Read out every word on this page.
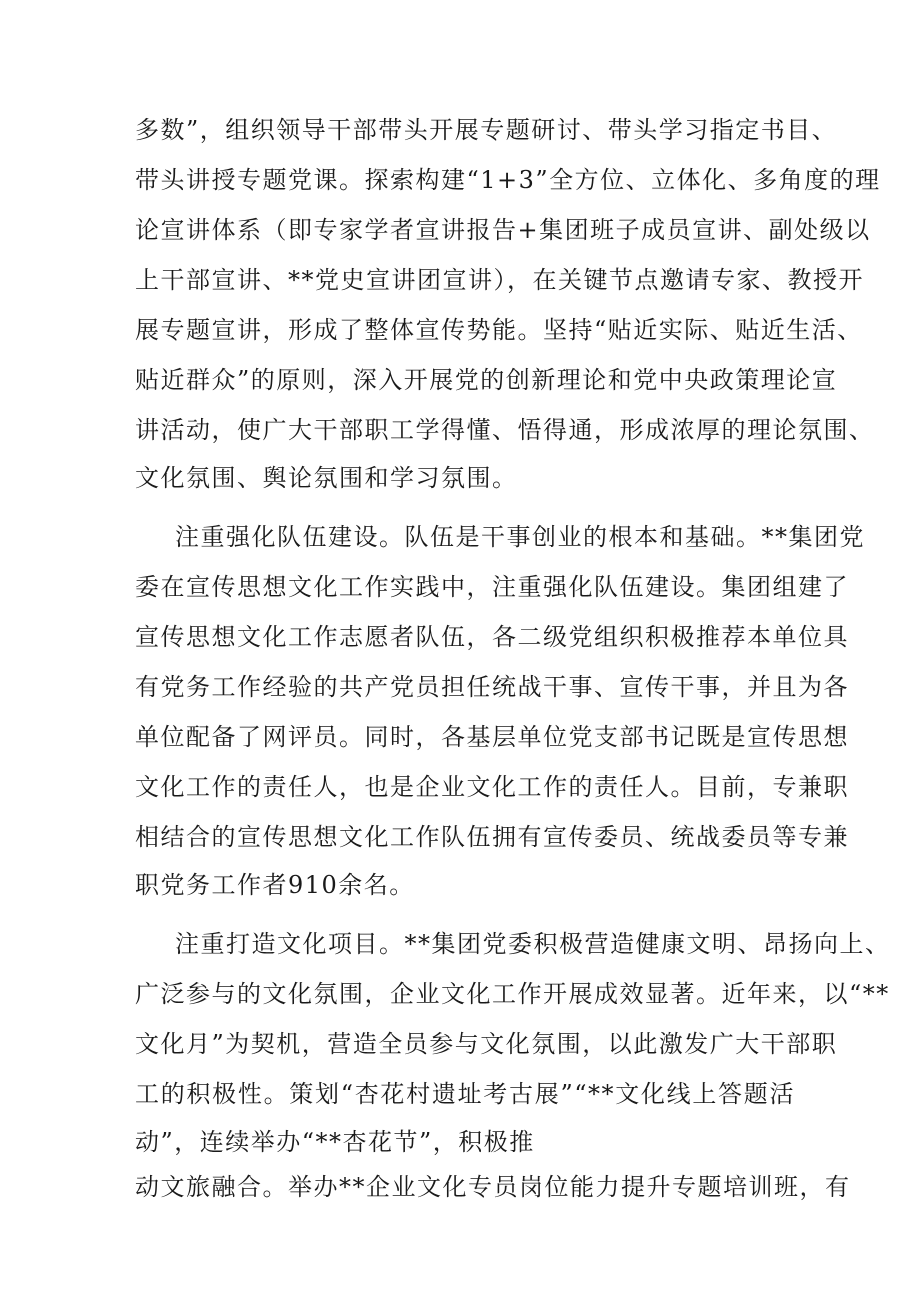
多数”，组织领导干部带头开展专题研讨、带头学习指定书目、
带头讲授专题党课。探索构建“1+3”全方位、立体化、多角度的理
论宣讲体系（即专家学者宣讲报告+集团班子成员宣讲、副处级以
上干部宣讲、**党史宣讲团宣讲），在关键节点邀请专家、教授开
展专题宣讲，形成了整体宣传势能。坚持“贴近实际、贴近生活、
贴近群众”的原则，深入开展党的创新理论和党中央政策理论宣
讲活动，使广大干部职工学得懂、悟得通，形成浓厚的理论氛围、
文化氛围、舆论氛围和学习氛围。
注重强化队伍建设。队伍是干事创业的根本和基础。**集团党
委在宣传思想文化工作实践中，注重强化队伍建设。集团组建了
宣传思想文化工作志愿者队伍，各二级党组织积极推荐本单位具
有党务工作经验的共产党员担任统战干事、宣传干事，并且为各
单位配备了网评员。同时，各基层单位党支部书记既是宣传思想
文化工作的责任人，也是企业文化工作的责任人。目前，专兼职
相结合的宣传思想文化工作队伍拥有宣传委员、统战委员等专兼
职党务工作者910余名。
注重打造文化项目。**集团党委积极营造健康文明、昂扬向上、
广泛参与的文化氛围，企业文化工作开展成效显著。近年来，以“**
文化月”为契机，营造全员参与文化氛围，以此激发广大干部职
工的积极性。策划“杏花村遗址考古展”“**文化线上答题活
动”，连续举办“**杏花节”，积极推
动文旅融合。举办**企业文化专员岗位能力提升专题培训班，有
